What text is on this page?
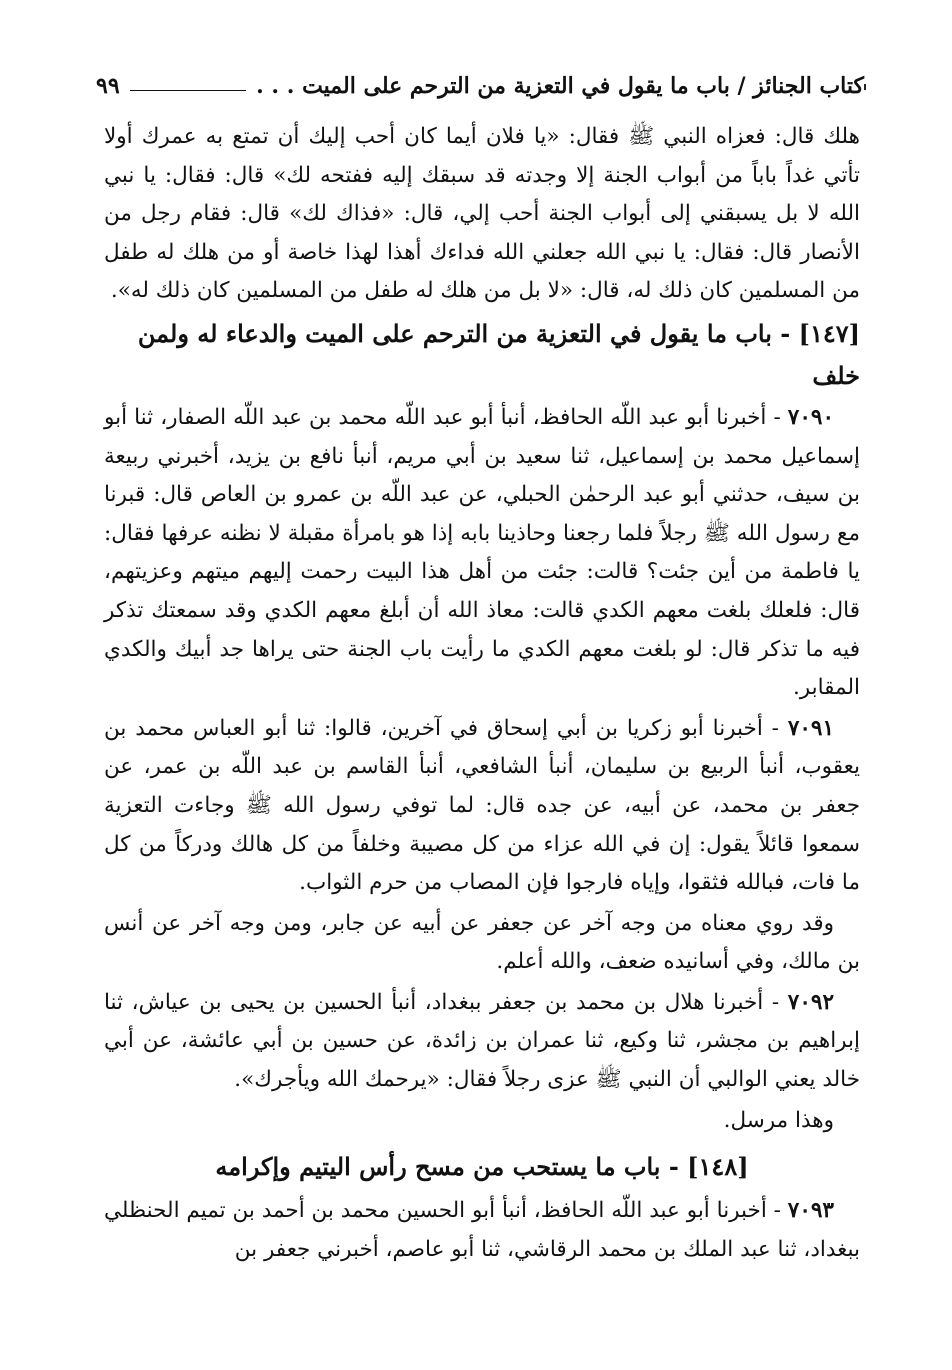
كتاب الجنائز / باب ما يقول في التعزية من الترحم على الميت . . .
٩٩

هلك قال: فعزاه النبي ﷺ فقال: «يا فلان أيما كان أحب إليك أن تمتع به عمرك أولا تأتي غداً باباً من أبواب الجنة إلا وجدته قد سبقك إليه ففتحه لك» قال: فقال: يا نبي الله لا بل يسبقني إلى أبواب الجنة أحب إلي، قال: «فذاك لك» قال: فقام رجل من الأنصار قال: فقال: يا نبي الله جعلني الله فداءك أهذا لهذا خاصة أو من هلك له طفل من المسلمين كان ذلك له، قال: «لا بل من هلك له طفل من المسلمين كان ذلك له».

[١٤٧] - باب ما يقول في التعزية من الترحم على الميت والدعاء له ولمن خلف

٧٠٩٠ - أخبرنا أبو عبد اللّه الحافظ، أنبأ أبو عبد اللّه محمد بن عبد اللّه الصفار، ثنا أبو إسماعيل محمد بن إسماعيل، ثنا سعيد بن أبي مريم، أنبأ نافع بن يزيد، أخبرني ربيعة بن سيف، حدثني أبو عبد الرحمٰن الحبلي، عن عبد اللّه بن عمرو بن العاص قال: قبرنا مع رسول الله ﷺ رجلاً فلما رجعنا وحاذينا بابه إذا هو بامرأة مقبلة لا نظنه عرفها فقال: يا فاطمة من أين جئت؟ قالت: جئت من أهل هذا البيت رحمت إليهم ميتهم وعزيتهم، قال: فلعلك بلغت معهم الكدي قالت: معاذ الله أن أبلغ معهم الكدي وقد سمعتك تذكر فيه ما تذكر قال: لو بلغت معهم الكدي ما رأيت باب الجنة حتى يراها جد أبيك والكدي المقابر.

٧٠٩١ - أخبرنا أبو زكريا بن أبي إسحاق في آخرين، قالوا: ثنا أبو العباس محمد بن يعقوب، أنبأ الربيع بن سليمان، أنبأ الشافعي، أنبأ القاسم بن عبد اللّه بن عمر، عن جعفر بن محمد، عن أبيه، عن جده قال: لما توفي رسول الله ﷺ وجاءت التعزية سمعوا قائلاً يقول: إن في الله عزاء من كل مصيبة وخلفاً من كل هالك ودركاً من كل ما فات، فبالله فثقوا، وإياه فارجوا فإن المصاب من حرم الثواب.

وقد روي معناه من وجه آخر عن جعفر عن أبيه عن جابر، ومن وجه آخر عن أنس بن مالك، وفي أسانيده ضعف، والله أعلم.

٧٠٩٢ - أخبرنا هلال بن محمد بن جعفر ببغداد، أنبأ الحسين بن يحيى بن عياش، ثنا إبراهيم بن مجشر، ثنا وكيع، ثنا عمران بن زائدة، عن حسين بن أبي عائشة، عن أبي خالد يعني الوالبي أن النبي ﷺ عزى رجلاً فقال: «يرحمك الله ويأجرك».

وهذا مرسل.

[١٤٨] - باب ما يستحب من مسح رأس اليتيم وإكرامه

٧٠٩٣ - أخبرنا أبو عبد اللّه الحافظ، أنبأ أبو الحسين محمد بن أحمد بن تميم الحنظلي ببغداد، ثنا عبد الملك بن محمد الرقاشي، ثنا أبو عاصم، أخبرني جعفر بن
